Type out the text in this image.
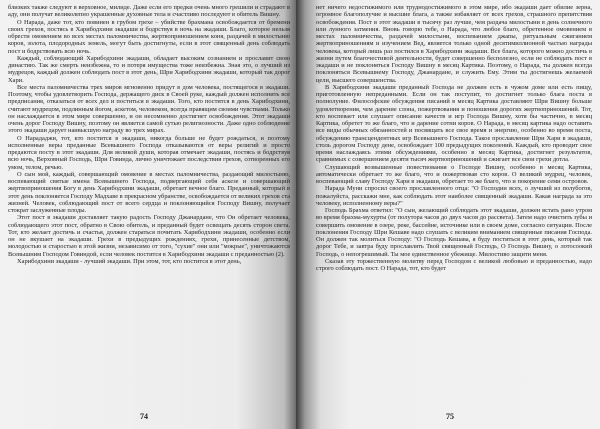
близких также следуют в верховное, милиде. Даже если его предки очень много грешили и страдают в аду, они получат великолепно украшенные духовные тела и счастливо последуют в обитель Вишну.

О Нарада, даже тот, кто повинен в грубом грехе – убийстве брахмана освобождается от бремени своих грехов, постясь в Харибодхини экадаши и бодрствуя в ночь на экадаши. Благо, которое нельзя обрести омовением во всех местах паломничества, жертвоприношением коня, раздачей в милостыню коров, золота, плодородных земель, могут быть достигнуты, если в этот священный день соблюдать пост и бодрствовать всю ночь.

Каждый, соблюдающий Харибодхини экадаши, обладает высоким сознанием и прославит свою династию. Так же смерть неизбежна, то и потеря имущества тоже неизбежна. Зная это, о лучший из мудрецов, каждый должен соблюдать пост в этот день, Шри Харибодхини экадаши, который так дорог Хари.

Все места паломничества трех миров мгновенно придут в дом человека, постящегося в экадаши. Поэтому, чтобы удовлетворить Господа, держащего диск в Своей руке, каждый должен исполнить все предписания, отказаться от всех дел и поститься в экадаши. Того, кто постится в день Харибодхини, считают мудрецом, подлинным йогом, аскетом, человеком, всегда правящим своими чувствами. Только он наслаждается в этом мире совершенно, и он несомненно достигнет освобождения. Этот экадаши очень дорог Господу Вишну, поэтому он является самой сутью религиозности. Даже одно соблюдение этого экадаши дарует наивысшую награду во трех мирах.

О Нарададжи, тот, кто постится в экадаши, никогда больше не будет рождаться, и поэтому исполненные веры преданные Всевышнего Господа отказываются от веры религий и просто предаются посту в этот экадаши. Для великой души, которая отмечает экадаши, постясь и бодрствуя всю ночь, Верховный Господь, Шри Говинда, лично уничтожает последствия грехов, сотворенных его умом, телом, речью.

О сын мой, каждый, совершающий омовение в местах паломничества, раздающий милостыню, воспевающий святые имена Всевышнего Господа, подвергающий себя аскезе и совершающий жертвоприношения Богу в день Харибодхини экадаши, обретает вечное благо. Преданный, который в этот день поклоняется Господу Мадхаве в прекрасном убранстве, освобождается от великих грехов ста жизней. Человек, соблюдающий пост от всего сердца и поклоняющийся Господу Вишну, получает стократ заслуженные плоды.

Этот пост в экадаши доставляет такую радость Господу Джанардане, что Он обретает человека, соблюдающего этот пост, обратно в Свою обитель, и преданный будет освещать десять сторон света. Тот, кто желает достичь и счастья, должен стараться почитать Харибодхини экадаши, особенно если он не вкушает на экадаши. Грехи в предыдущих рождениях, грехи, принесенные детством, молодостью и старостью в этой жизни, независимо от того, "сухие" они или "мокрые", уничтожаются Всевышним Господом Говиндой, если человек постится в Харибодхини экадаши с преданностью (2).

Харибодхини экадаши - лучший экадаши. При этом, тот, кто постится в этот день,

74

нет ничего недостижимого или труднодостижимого в этом мире, ибо экадаши дает обилие зерна, огромное благополучие и высшие блага, а также избавляет от всех грехов, страшного препятствия освобождения. Пост в этот экадаши в тысячу раз лучше, чем раздача милостыни в день солнечного или лунного затмения. Вновь говорю тебе, о Нарада, что любое благо, обретенное омовением в местах паломничества, раздачей милостыни, воспеванием джапы, ритуальным сжиганием жертвоприношениям и изучением Вед, является только одной десятимиллионной частью награды человека, который лишь раз постился в Харибодхини экадаши. Все блага, которого можно достичь в жизни путем благочестивой деятельности, будет совершенно бесполезно, если не соблюдать пост в экадаши и не поклоняться Господу Вишну в месяц Картика. Поэтому, о Нарада, ты должен всегда поклоняться Всевышнему Господу, Джанардане, и служить Ему. Этим ты достигнешь желаемой цели, высшего совершенства.

В Харибодхини экадаши преданный Господа не должен есть в чужом доме или есть пищу, приготовленную непреданными. Если он так поступит, то достигнет только блага поста в полнолуние. Философские обсуждения писаний в месяц Картика доставляют Шри Вишну больше удовлетворения, чем дарение слона, пожертвования и поношения дорогих жертвоприношений. Тот, кто воспевает или слушает описание качеств и игр Господа Вишну, хотя бы частично, в месяц Картика, обретет то же благо, что и дарение сотни коров. О Нарада, в месяц картика надо оставить все виды обычных обязанностей и посвящать все свое время и энергию, особенно во время поста, обсуждению трансцендентных игр Всевышнего Господа. Такое прославление Шри Хари в экадаши, столь дорогом Господу дене, освобождает 100 предыдущих поколений. Каждый, кто проводит свое время наслаждаясь этими обсуждениями, особенно в месяц Картика, достигнет результатов, сравнимых с совершением десяти тысяч жертвоприношений и сжигает все свои грехи дотла.

Слушающий возвышенные повествования о Господе Вишну, особенно в месяц Картика, автоматически обретает то же благо, что и пожертвовав сто коров. О великий мудрец, человек, воспевающий славу Господу Хари в экадаши, обретает то же благо, что и покорение семи островов.

Нарада Муни спросил своего прославленного отца: "О Господин всех, о лучший из полубогов, пожалуйста, расскажи мне, как соблюдать этот наиболее священный экадаши. Какая награда за это человеку, исполненному веры?"

Господь Брахма ответил: "О сын, желающий соблюдать этот экадаши, должен встать рано утром во время брахма-мухурты (от полутора часов до двух часов до рассвета). Затем надо очистить зубы и совершить омовение в озере, реке, бассейне, источнике или в своем доме, согласно ситуации. После поклонения Господу Шри Кешаве надо слушать с великим вниманием священные писания Господа. Он должен так молиться Господу: "О Господь Кешава, я буду поститься в этот день, который так дорог Тебе, и завтра буду прославлять Твой священный Господь, О Господь Вишну, о лотосоокий Господь, о непогрешимый. Ты мое единственное убежище. Милостиво защити меня.

Сказав эту торжественную молитву перед Господом с великой любовью и преданностью, надо строго соблюдать пост. О Нарада, тот, кто будет

75
